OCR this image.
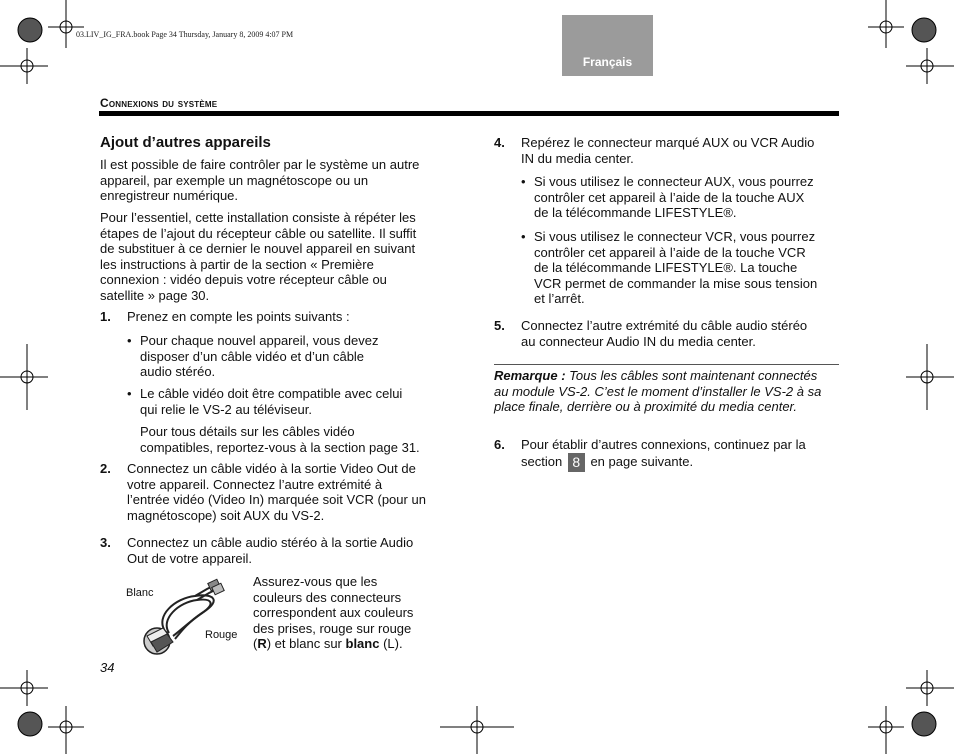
03.LIV_IG_FRA.book Page 34 Thursday, January 8, 2009 4:07 PM
Français
Connexions du système
Ajout d’autres appareils
Il est possible de faire contrôler par le système un autre
appareil, par exemple un magnétoscope ou un
enregistreur numérique.
Pour l’essentiel, cette installation consiste à répéter les
étapes de l’ajout du récepteur câble ou satellite. Il suffit
de substituer à ce dernier le nouvel appareil en suivant
les instructions à partir de la section « Première
connexion : vidéo depuis votre récepteur câble ou
satellite » page 30.
1. Prenez en compte les points suivants :
• Pour chaque nouvel appareil, vous devez
disposer d’un câble vidéo et d’un câble
audio stéréo.
• Le câble vidéo doit être compatible avec celui
qui relie le VS-2 au téléviseur.
Pour tous détails sur les câbles vidéo
compatibles, reportez-vous à la section page 31.
2. Connectez un câble vidéo à la sortie Video Out de
votre appareil. Connectez l’autre extrémité à
l’entrée vidéo (Video In) marquée soit VCR (pour un
magnétoscope) soit AUX du VS-2.
3. Connectez un câble audio stéréo à la sortie Audio
Out de votre appareil.
Blanc
Rouge
Assurez-vous que les
couleurs des connecteurs
correspondent aux couleurs
des prises, rouge sur rouge
(R) et blanc sur blanc (L).
34
4. Repérez le connecteur marqué AUX ou VCR Audio
IN du media center.
• Si vous utilisez le connecteur AUX, vous pourrez
contrôler cet appareil à l’aide de la touche AUX
de la télécommande LIFESTYLE®.
• Si vous utilisez le connecteur VCR, vous pourrez
contrôler cet appareil à l’aide de la touche VCR
de la télécommande LIFESTYLE®. La touche
VCR permet de commander la mise sous tension
et l’arrêt.
5. Connectez l’autre extrémité du câble audio stéréo
au connecteur Audio IN du media center.
Remarque : Tous les câbles sont maintenant connectés
au module VS-2. C’est le moment d’installer le VS-2 à sa
place finale, derrière ou à proximité du media center.
6. Pour établir d’autres connexions, continuez par la
section 8 en page suivante.
